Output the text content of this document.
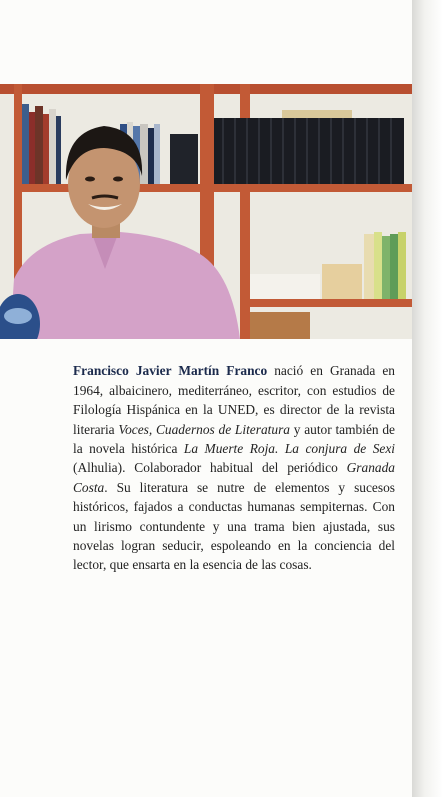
Francisco Javier Martín Franco nació en Granada en 1964, albaicinero, mediterráneo, escritor, con estudios de Filología Hispánica en la UNED, es director de la revista literaria Voces, Cuadernos de Literatura y autor también de la novela histórica La Muerte Roja. La conjura de Sexi (Alhulia). Colaborador habitual del periódico Granada Costa. Su literatura se nutre de elementos y sucesos históricos, fajados a conductas humanas sempiternas. Con un lirismo contundente y una trama bien ajustada, sus novelas logran seducir, espoleando en la conciencia del lector, que ensarta en la esencia de las cosas.
